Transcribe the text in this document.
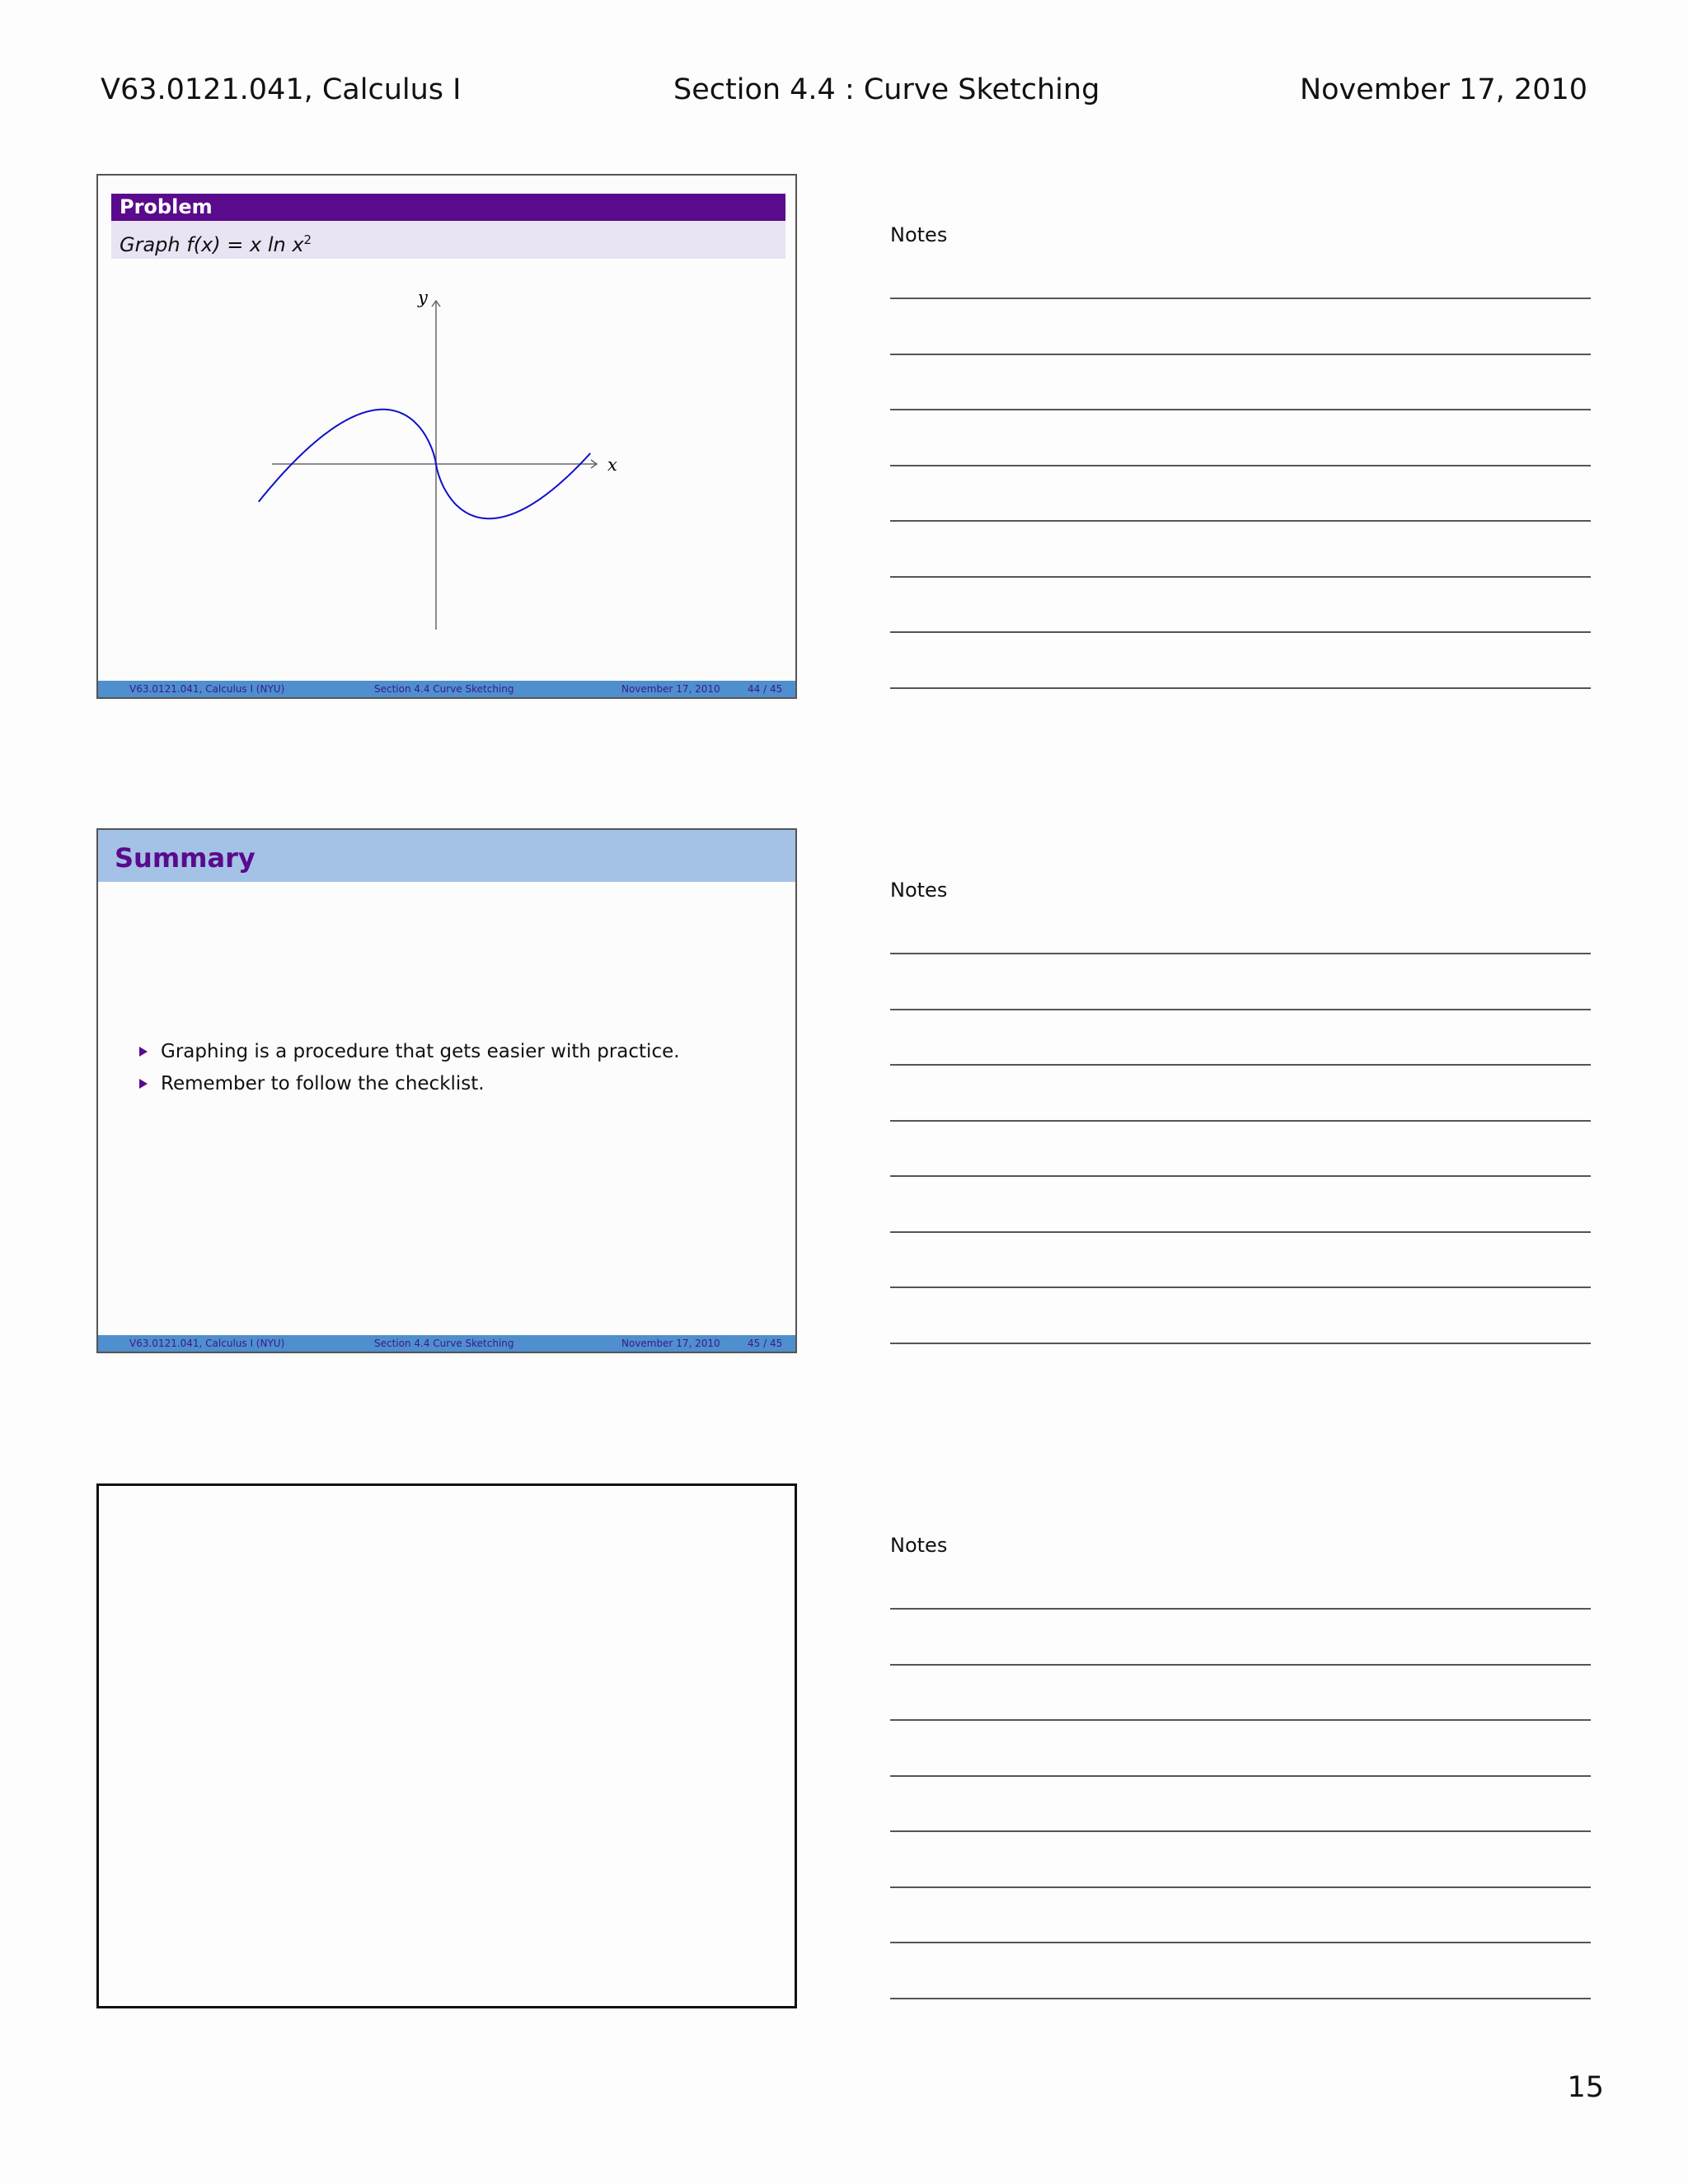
V63.0121.041, Calculus I	Section 4.4 : Curve Sketching	November 17, 2010
x
y
Problem
Graph f(x) = x $\ln x^2$
V63.0121.041, Calculus I (NYU)	Section 4.4 Curve Sketching	November 17, 2010	44 / 45
Summary
Graphing is a procedure that gets easier with practice.
Remember to follow the checklist.
V63.0121.041, Calculus I (NYU)	Section 4.4 Curve Sketching	November 17, 2010	45 / 45
Notes
Notes
Notes
15
